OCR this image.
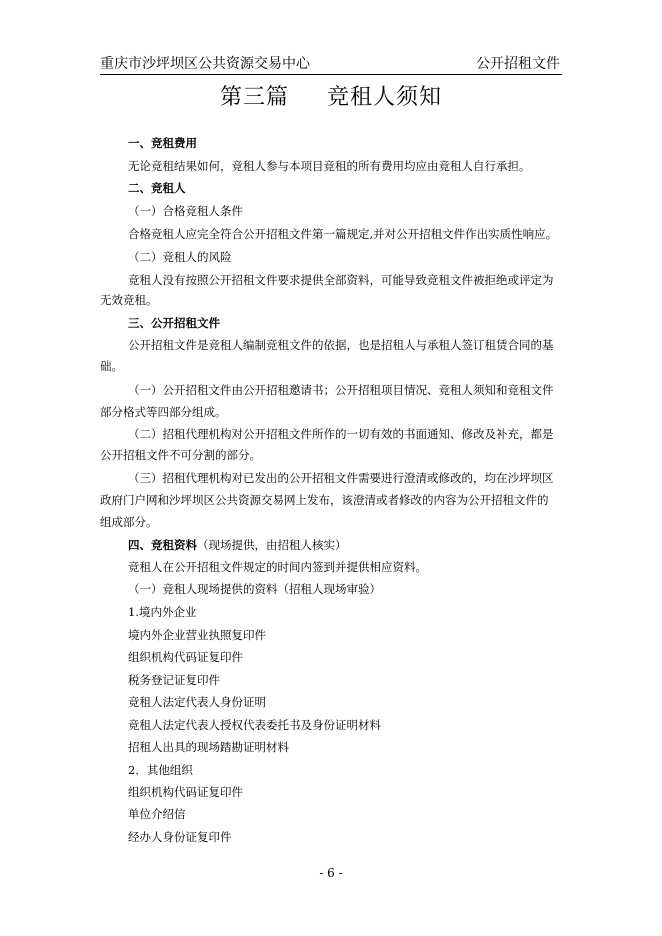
重庆市沙坪坝区公共资源交易中心	公开招租文件
第三篇 竞租人须知
一、竞租费用
无论竞租结果如何，竞租人参与本项目竞租的所有费用均应由竞租人自行承担。
二、竞租人
（一）合格竞租人条件
合格竞租人应完全符合公开招租文件第一篇规定,并对公开招租文件作出实质性响应。
（二）竞租人的风险
竞租人没有按照公开招租文件要求提供全部资料，可能导致竞租文件被拒绝或评定为
无效竞租。
三、公开招租文件
公开招租文件是竞租人编制竞租文件的依据，也是招租人与承租人签订租赁合同的基
础。
（一）公开招租文件由公开招租邀请书；公开招租项目情况、竞租人须知和竞租文件
部分格式等四部分组成。
（二）招租代理机构对公开招租文件所作的一切有效的书面通知、修改及补充，都是
公开招租文件不可分割的部分。
（三）招租代理机构对已发出的公开招租文件需要进行澄清或修改的，均在沙坪坝区
政府门户网和沙坪坝区公共资源交易网上发布，该澄清或者修改的内容为公开招租文件的
组成部分。
四、竞租资料（现场提供，由招租人核实）
竞租人在公开招租文件规定的时间内签到并提供相应资料。
（一）竞租人现场提供的资料（招租人现场审验）
1.境内外企业
境内外企业营业执照复印件
组织机构代码证复印件
税务登记证复印件
竞租人法定代表人身份证明
竞租人法定代表人授权代表委托书及身份证明材料
招租人出具的现场踏勘证明材料
2．其他组织
组织机构代码证复印件
单位介绍信
经办人身份证复印件
- 6 -
